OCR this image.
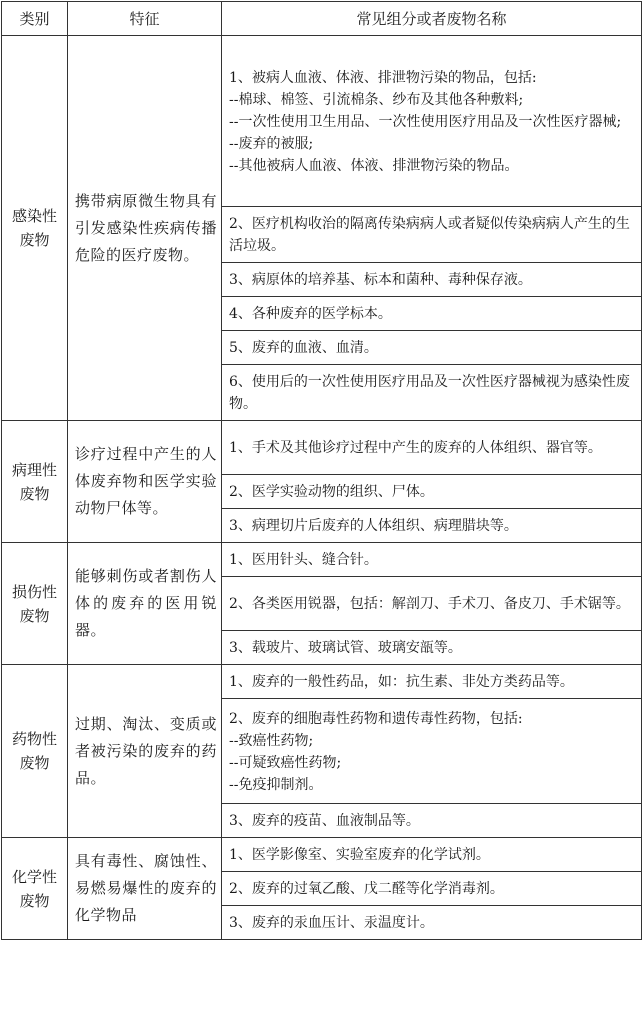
类别	特征	常见组分或者废物名称

感染性
废物	携带病原微生物具有引发感染性疾病传播危险的医疗废物。	1、被病人血液、体液、排泄物污染的物品，包括:
--棉球、棉签、引流棉条、纱布及其他各种敷料;
--一次性使用卫生用品、一次性使用医疗用品及一次性医疗器械;
--废弃的被服;
--其他被病人血液、体液、排泄物污染的物品。

		2、医疗机构收治的隔离传染病病人或者疑似传染病病人产生的生活垃圾。

		3、病原体的培养基、标本和菌种、毒种保存液。

		4、各种废弃的医学标本。

		5、废弃的血液、血清。

		6、使用后的一次性使用医疗用品及一次性医疗器械视为感染性废物。

病理性
废物	诊疗过程中产生的人体废弃物和医学实验动物尸体等。	1、手术及其他诊疗过程中产生的废弃的人体组织、器官等。

		2、医学实验动物的组织、尸体。

		3、病理切片后废弃的人体组织、病理腊块等。

损伤性
废物	能够刺伤或者割伤人体的废弃的医用锐器。	1、医用针头、缝合针。

		2、各类医用锐器，包括：解剖刀、手术刀、备皮刀、手术锯等。

		3、载玻片、玻璃试管、玻璃安瓿等。

药物性
废物	过期、淘汰、变质或者被污染的废弃的药品。	1、废弃的一般性药品，如：抗生素、非处方类药品等。

		2、废弃的细胞毒性药物和遗传毒性药物，包括:
--致癌性药物;
--可疑致癌性药物;
--免疫抑制剂。

		3、废弃的疫苗、血液制品等。

化学性
废物	具有毒性、腐蚀性、易燃易爆性的废弃的化学物品	1、医学影像室、实验室废弃的化学试剂。

		2、废弃的过氧乙酸、戊二醛等化学消毒剂。

		3、废弃的汞血压计、汞温度计。
